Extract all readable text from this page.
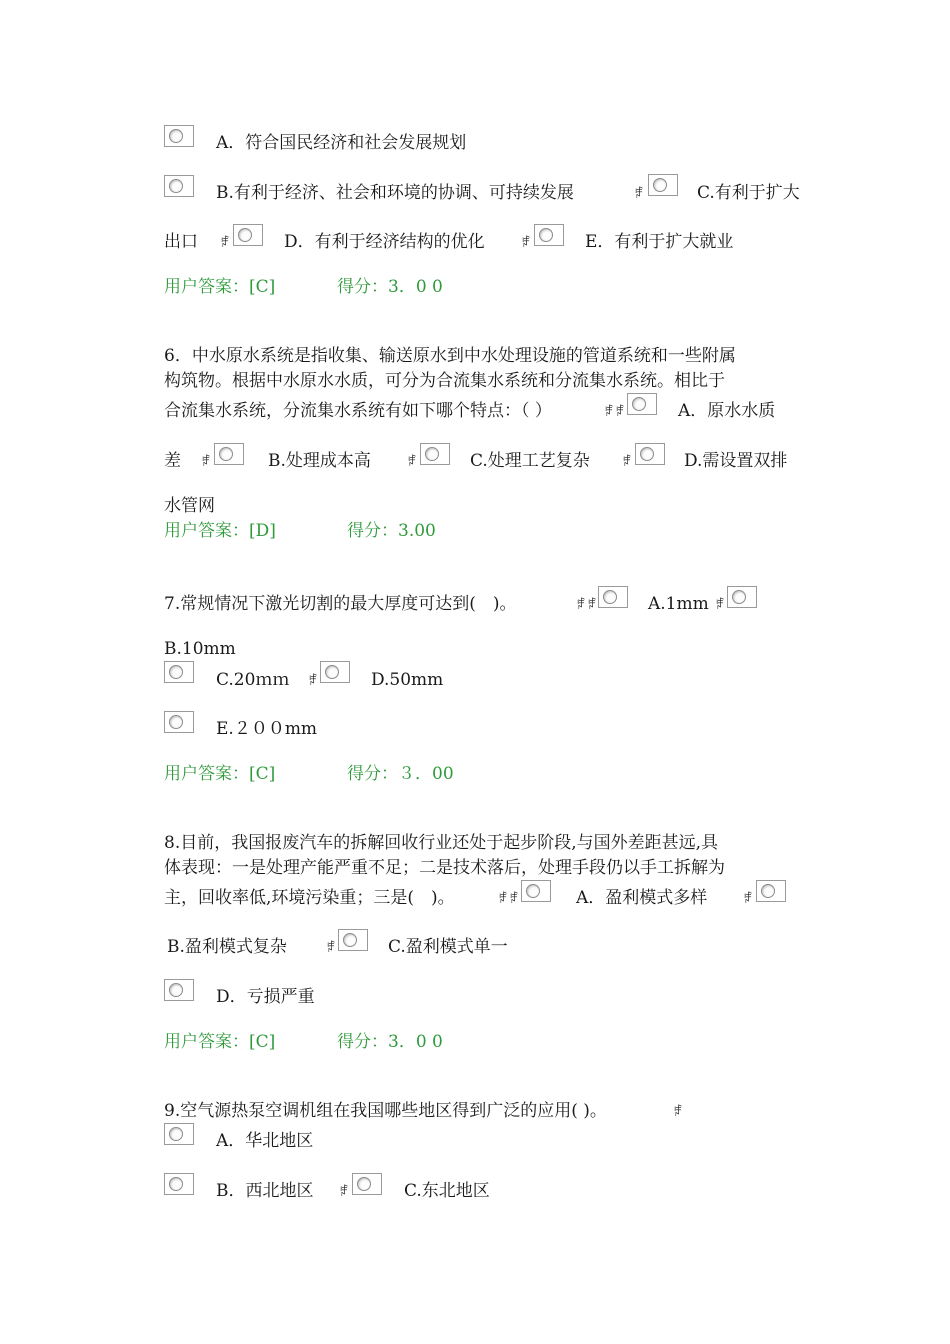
A．符合国民经济和社会发展规划
B.有利于经济、社会和环境的协调、可持续发展	ꆆ	C.有利于扩大
出口 ꆆ	D．有利于经济结构的优化	ꆆ	E．有利于扩大就业
用户答案：[C]	得分：3．0 0
6．中水原水系统是指收集、输送原水到中水处理设施的管道系统和一些附属
构筑物。根据中水原水水质，可分为合流集水系统和分流集水系统。相比于
合流集水系统，分流集水系统有如下哪个特点：（ ）	ꆆ ꆆ	A．原水水质
差 ꆆ	B.处理成本高	ꆆ	C.处理工艺复杂 ꆆ	D.需设置双排
水管网
用户答案：[D]	得分：3.00
7.常规情况下激光切割的最大厚度可达到(　)。	ꆆ ꆆ	A.1mm ꆆ
B.10mm
C.20ｍｍ ꆆ	D.50mm
E.２００mm
用户答案：[C]	得分：３．00
8.目前，我国报废汽车的拆解回收行业还处于起步阶段,与国外差距甚远,具
体表现：一是处理产能严重不足；二是技术落后，处理手段仍以手工拆解为
主，回收率低,环境污染重；三是(　)。	ꆆ ꆆ	A．盈利模式多样	ꆆ
B.盈利模式复杂	ꆆ	C.盈利模式单一
D．亏损严重
用户答案：[C]	得分：3．0 0
9.空气源热泵空调机组在我国哪些地区得到广泛的应用( )。	ꆆ
A．华北地区
B．西北地区 ꆆ	C.东北地区
